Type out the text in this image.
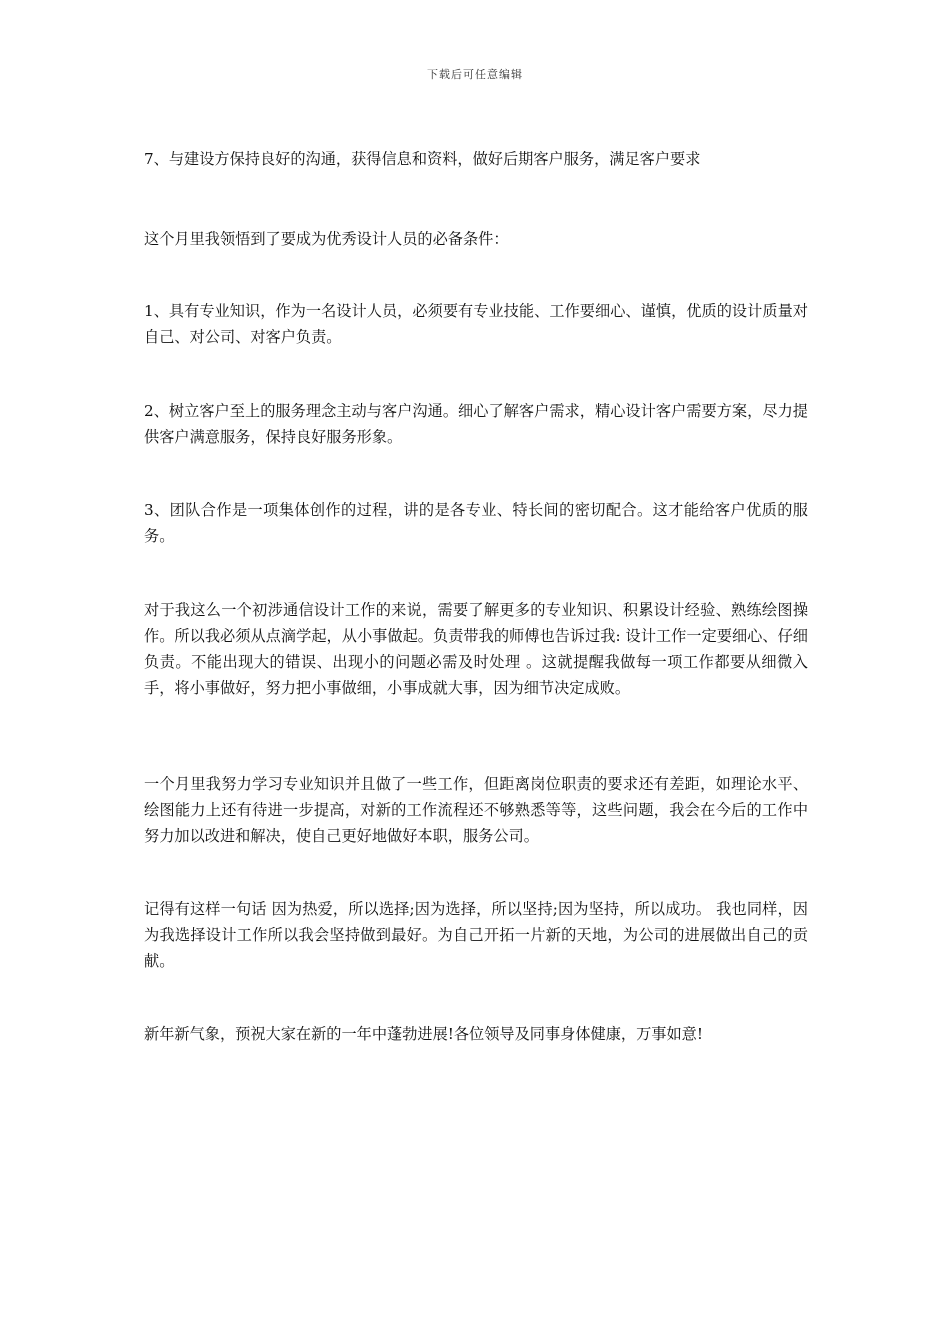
下载后可任意编辑

7、与建设方保持良好的沟通，获得信息和资料，做好后期客户服务，满足客户要求

这个月里我领悟到了要成为优秀设计人员的必备条件：

1、具有专业知识，作为一名设计人员，必须要有专业技能、工作要细心、谨慎，优质的设计质量对自己、对公司、对客户负责。

2、树立客户至上的服务理念主动与客户沟通。细心了解客户需求，精心设计客户需要方案，尽力提供客户满意服务，保持良好服务形象。

3、团队合作是一项集体创作的过程，讲的是各专业、特长间的密切配合。这才能给客户优质的服务。

对于我这么一个初涉通信设计工作的来说，需要了解更多的专业知识、积累设计经验、熟练绘图操作。所以我必须从点滴学起，从小事做起。负责带我的师傅也告诉过我: 设计工作一定要细心、仔细负责。不能出现大的错误、出现小的问题必需及时处理 。这就提醒我做每一项工作都要从细微入手，将小事做好，努力把小事做细，小事成就大事，因为细节决定成败。

一个月里我努力学习专业知识并且做了一些工作，但距离岗位职责的要求还有差距，如理论水平、绘图能力上还有待进一步提高，对新的工作流程还不够熟悉等等，这些问题，我会在今后的工作中努力加以改进和解决，使自己更好地做好本职，服务公司。

记得有这样一句话 因为热爱，所以选择;因为选择，所以坚持;因为坚持，所以成功。 我也同样，因为我选择设计工作所以我会坚持做到最好。为自己开拓一片新的天地，为公司的进展做出自己的贡献。

新年新气象，预祝大家在新的一年中蓬勃进展!各位领导及同事身体健康，万事如意!
